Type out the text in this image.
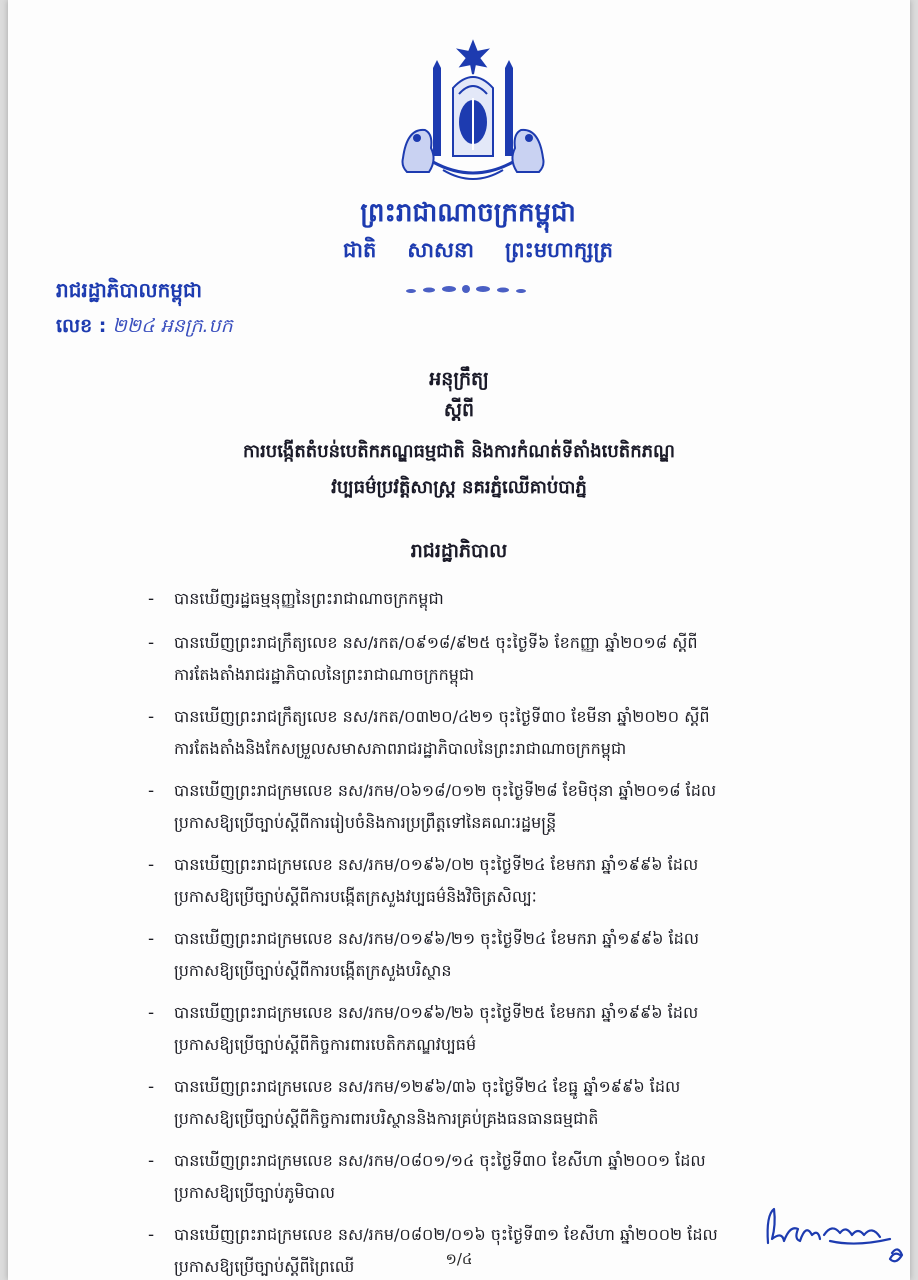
ព្រះរាជាណាចក្រកម្ពុជា
ជាតិ សាសនា ព្រះមហាក្សត្រ
រាជរដ្ឋាភិបាលកម្ពុជា
លេខ : ២២៤ អនក្រ.បក
អនុក្រឹត្យ
ស្តីពី
ការបង្កើតតំបន់បេតិកភណ្ឌធម្មជាតិ និងការកំណត់ទីតាំងបេតិកភណ្ឌ
វប្បធម៌ប្រវត្តិសាស្រ្ត នគរភ្នំឈើគាប់បាភ្នំ
រាជរដ្ឋាភិបាល
- បានឃើញរដ្ឋធម្មនុញ្ញនៃព្រះរាជាណាចក្រកម្ពុជា
- បានឃើញព្រះរាជក្រឹត្យលេខ នស/រកត/០៩១៨/៩២៥ ចុះថ្ងៃទី៦ ខែកញ្ញា ឆ្នាំ២០១៨ ស្តីពី
ការតែងតាំងរាជរដ្ឋាភិបាលនៃព្រះរាជាណាចក្រកម្ពុជា
- បានឃើញព្រះរាជក្រឹត្យលេខ នស/រកត/០៣២០/៤២១ ចុះថ្ងៃទី៣០ ខែមីនា ឆ្នាំ២០២០ ស្តីពី
ការតែងតាំងនិងកែសម្រួលសមាសភាពរាជរដ្ឋាភិបាលនៃព្រះរាជាណាចក្រកម្ពុជា
- បានឃើញព្រះរាជក្រមលេខ នស/រកម/០៦១៨/០១២ ចុះថ្ងៃទី២៨ ខែមិថុនា ឆ្នាំ២០១៨ ដែល
ប្រកាសឱ្យប្រើច្បាប់ស្តីពីការរៀបចំនិងការប្រព្រឹត្តទៅនៃគណៈរដ្ឋមន្ត្រី
- បានឃើញព្រះរាជក្រមលេខ នស/រកម/០១៩៦/០២ ចុះថ្ងៃទី២៤ ខែមករា ឆ្នាំ១៩៩៦ ដែល
ប្រកាសឱ្យប្រើច្បាប់ស្តីពីការបង្កើតក្រសួងវប្បធម៌និងវិចិត្រសិល្បៈ
- បានឃើញព្រះរាជក្រមលេខ នស/រកម/០១៩៦/២១ ចុះថ្ងៃទី២៤ ខែមករា ឆ្នាំ១៩៩៦ ដែល
ប្រកាសឱ្យប្រើច្បាប់ស្តីពីការបង្កើតក្រសួងបរិស្ថាន
- បានឃើញព្រះរាជក្រមលេខ នស/រកម/០១៩៦/២៦ ចុះថ្ងៃទី២៥ ខែមករា ឆ្នាំ១៩៩៦ ដែល
ប្រកាសឱ្យប្រើច្បាប់ស្តីពីកិច្ចការពារបេតិកភណ្ឌវប្បធម៌
- បានឃើញព្រះរាជក្រមលេខ នស/រកម/១២៩៦/៣៦ ចុះថ្ងៃទី២៤ ខែធ្នូ ឆ្នាំ១៩៩៦ ដែល
ប្រកាសឱ្យប្រើច្បាប់ស្តីពីកិច្ចការពារបរិស្ថាននិងការគ្រប់គ្រងធនធានធម្មជាតិ
- បានឃើញព្រះរាជក្រមលេខ នស/រកម/០៨០១/១៤ ចុះថ្ងៃទី៣០ ខែសីហា ឆ្នាំ២០០១ ដែល
ប្រកាសឱ្យប្រើច្បាប់ភូមិបាល
- បានឃើញព្រះរាជក្រមលេខ នស/រកម/០៨០២/០១៦ ចុះថ្ងៃទី៣១ ខែសីហា ឆ្នាំ២០០២ ដែល
ប្រកាសឱ្យប្រើច្បាប់ស្តីពីព្រៃឈើ	១/៤
